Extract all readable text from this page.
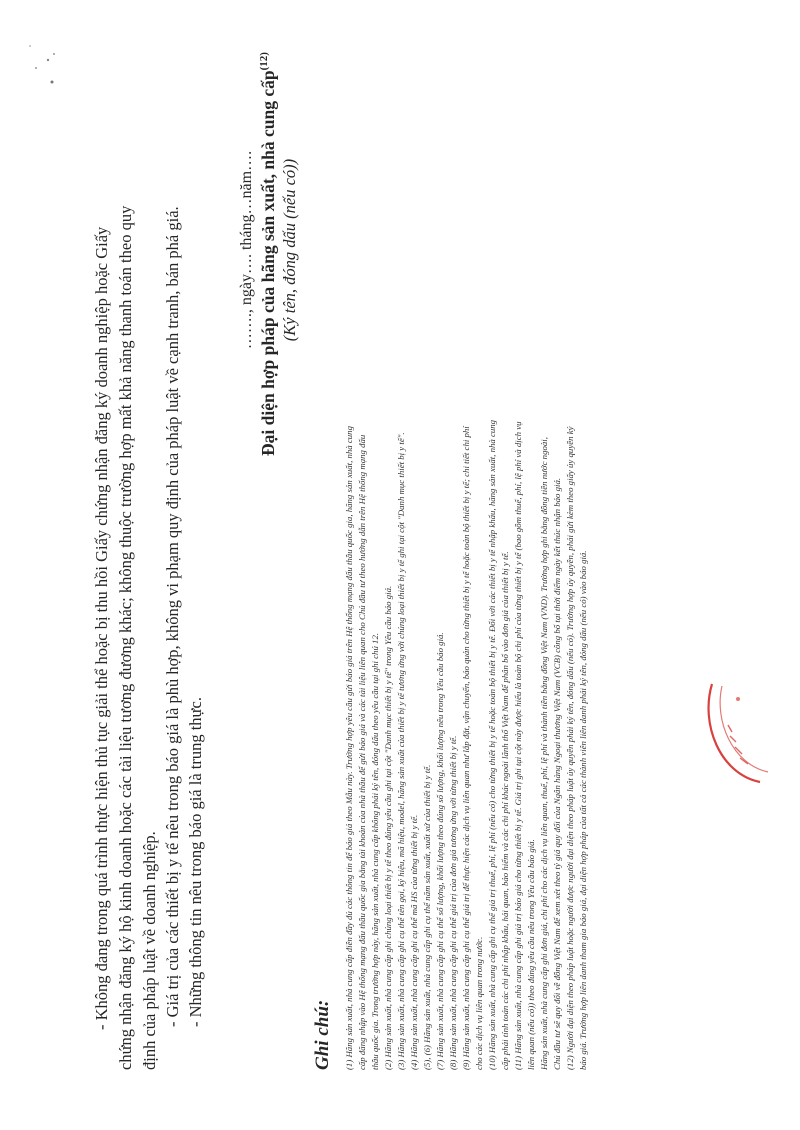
- Không đang trong quá trình thực hiện thủ tục giải thể hoặc bị thu hồi Giấy chứng nhận đăng ký doanh nghiệp hoặc Giấy chứng nhận đăng ký hộ kinh doanh hoặc các tài liệu tương đương khác; không thuộc trường hợp mất khả năng thanh toán theo quy định của pháp luật về doanh nghiệp. - Giá trị của các thiết bị y tế nêu trong báo giá là phù hợp, không vi phạm quy định của pháp luật về cạnh tranh, bán phá giá. - Những thông tin nêu trong báo giá là trung thực.
……., ngày…. tháng…năm…. Đại diện hợp pháp của hãng sản xuất, nhà cung cấp$^{(12)}$
(Ký tên, đóng dấu (nếu có))
Ghi chú: (1) Hãng sản xuất, nhà cung cấp điền đầy đủ các thông tin để báo giá theo Mẫu này. Trường hợp yêu cầu gửi báo giá trên Hệ thống mạng đấu thầu quốc gia, hãng sản xuất, nhà cung cấp đăng nhập vào Hệ thống mạng đấu thầu quốc gia bằng tài khoản của nhà thầu để gửi báo giá và các tài liệu liên quan cho Chủ đầu tư theo hướng dẫn trên Hệ thống mạng đấu thầu quốc gia. Trong trường hợp này, hãng sản xuất, nhà cung cấp không phải ký tên, đóng dấu theo yêu cầu tại ghi chú 12. (2) Hãng sản xuất, nhà cung cấp ghi chủng loại thiết bị y tế theo đúng yêu cầu ghi tại cột "Danh mục thiết bị y tế" trong Yêu cầu báo giá. (3) Hãng sản xuất, nhà cung cấp ghi cụ thể tên gọi, ký hiệu, mã hiệu, model, hãng sản xuất của thiết bị y tế tương ứng với chủng loại thiết bị y tế ghi tại cột "Danh mục thiết bị y tế". (4) Hãng sản xuất, nhà cung cấp ghi cụ thể mã HS của từng thiết bị y tế. (5), (6) Hãng sản xuất, nhà cung cấp ghi cụ thể năm sản xuất, xuất xứ của thiết bị y tế. (7) Hãng sản xuất, nhà cung cấp ghi cụ thể số lượng, khối lượng theo đúng số lượng, khối lượng nêu trong Yêu cầu báo giá. (8) Hãng sản xuất, nhà cung cấp ghi cụ thể giá trị của đơn giá tương ứng với từng thiết bị y tế. (9) Hãng sản xuất, nhà cung cấp ghi cụ thể giá trị để thực hiện các dịch vụ liên quan như lắp đặt, vận chuyển, bảo quản cho từng thiết bị y tế hoặc toàn bộ thiết bị y tế; chi tiết chi phí cho các dịch vụ liên quan trong nước. (10) Hãng sản xuất, nhà cung cấp ghi cụ thể giá trị thuế, phí, lệ phí (nếu có) cho từng thiết bị y tế hoặc toàn bộ thiết bị y tế. Đối với các thiết bị y tế nhập khẩu, hãng sản xuất, nhà cung cấp phải tính toán các chi phí nhập khẩu, hải quan, bảo hiểm và các chi phí khác ngoài lãnh thổ Việt Nam để phân bổ vào đơn giá của thiết bị y tế. (11) Hãng sản xuất, nhà cung cấp ghi giá trị báo giá cho từng thiết bị y tế. Giá trị ghi tại cột này được hiểu là toàn bộ chi phí của từng thiết bị y tế (bao gồm thuế, phí, lệ phí và dịch vụ liên quan (nếu có)) theo đúng yêu cầu nêu trong Yêu cầu báo giá. Hãng sản xuất, nhà cung cấp ghi đơn giá, chi phí cho các dịch vụ liên quan, thuế, phí, lệ phí và thành tiền bằng đồng Việt Nam (VND). Trường hợp ghi bằng đồng tiền nước ngoài, Chủ đầu tư sẽ quy đổi về đồng Việt Nam để xem xét theo tỷ giá quy đổi của Ngân hàng Ngoại thương Việt Nam (VCB) công bố tại thời điểm ngày kết thúc nhận báo giá. (12) Người đại diện theo pháp luật hoặc người được người đại diện theo pháp luật ủy quyền phải ký tên, đóng dấu (nếu có). Trường hợp ủy quyền, phải gửi kèm theo giấy ủy quyền ký báo giá. Trường hợp liên danh tham gia báo giá, đại diện hợp pháp của tất cả các thành viên liên danh phải ký tên, đóng dấu (nếu có) vào báo giá.
